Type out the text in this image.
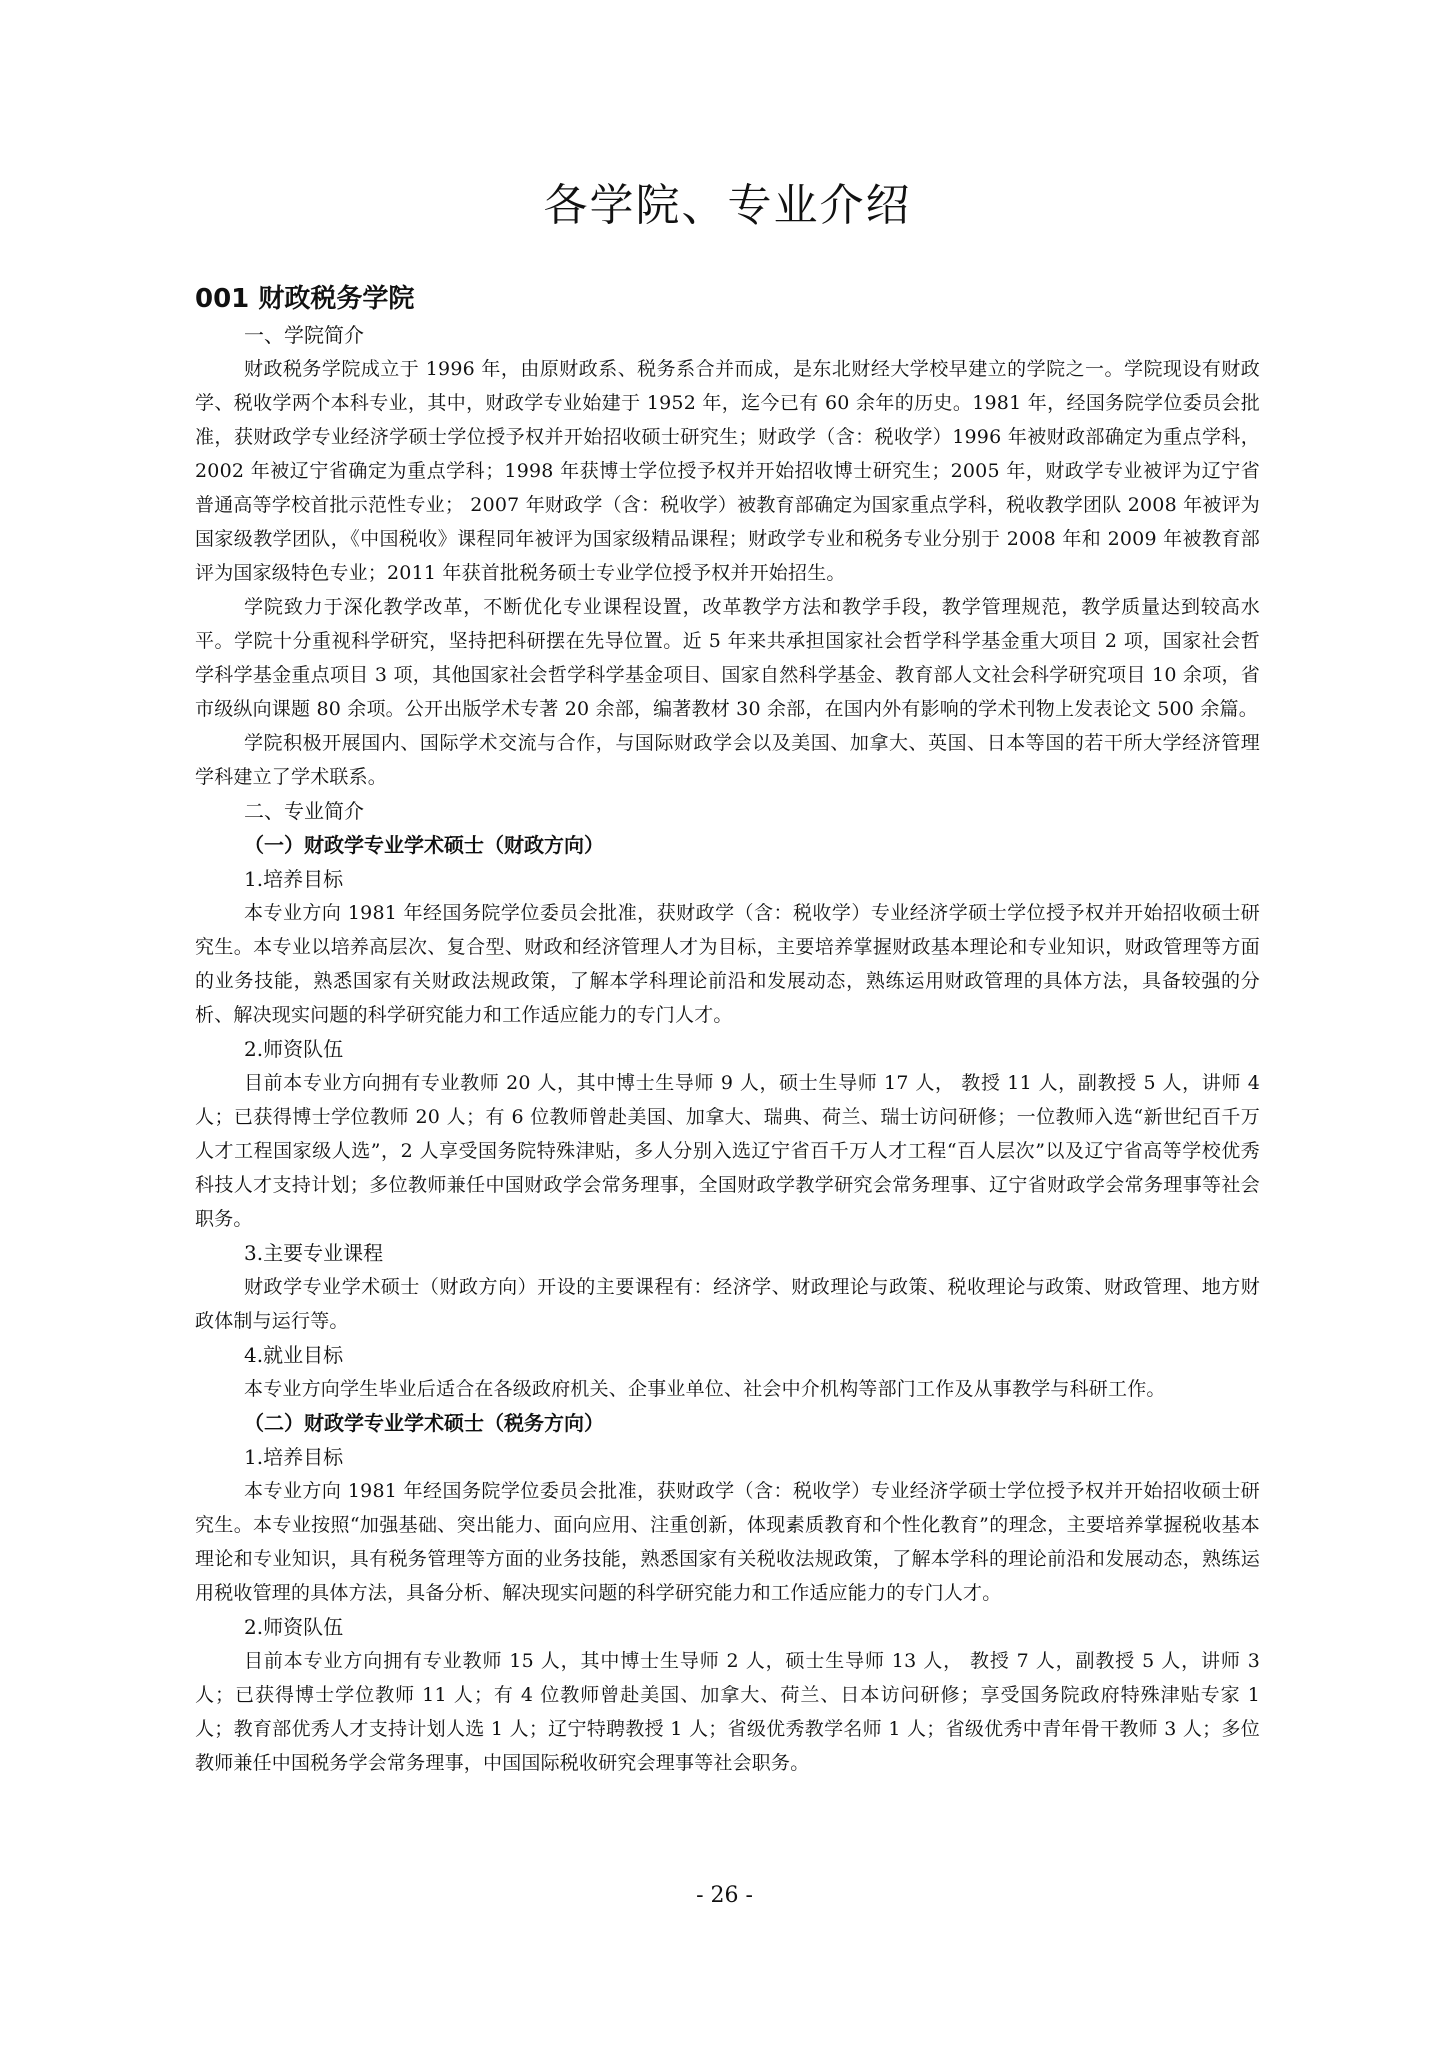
各学院、专业介绍
001 财政税务学院
一、学院简介

财政税务学院成立于 1996 年，由原财政系、税务系合并而成，是东北财经大学校早建立的学院之一。学院现设有财政学、税收学两个本科专业，其中，财政学专业始建于 1952 年，迄今已有 60 余年的历史。1981 年，经国务院学位委员会批准，获财政学专业经济学硕士学位授予权并开始招收硕士研究生；财政学（含：税收学）1996 年被财政部确定为重点学科，2002 年被辽宁省确定为重点学科；1998 年获博士学位授予权并开始招收博士研究生；2005 年，财政学专业被评为辽宁省普通高等学校首批示范性专业； 2007 年财政学（含：税收学）被教育部确定为国家重点学科，税收教学团队 2008 年被评为国家级教学团队，《中国税收》课程同年被评为国家级精品课程；财政学专业和税务专业分别于 2008 年和 2009 年被教育部评为国家级特色专业；2011 年获首批税务硕士专业学位授予权并开始招生。

学院致力于深化教学改革，不断优化专业课程设置，改革教学方法和教学手段，教学管理规范，教学质量达到较高水平。学院十分重视科学研究，坚持把科研摆在先导位置。近 5 年来共承担国家社会哲学科学基金重大项目 2 项，国家社会哲学科学基金重点项目 3 项，其他国家社会哲学科学基金项目、国家自然科学基金、教育部人文社会科学研究项目 10 余项，省市级纵向课题 80 余项。公开出版学术专著 20 余部，编著教材 30 余部，在国内外有影响的学术刊物上发表论文 500 余篇。

学院积极开展国内、国际学术交流与合作，与国际财政学会以及美国、加拿大、英国、日本等国的若干所大学经济管理学科建立了学术联系。

二、专业简介
（一）财政学专业学术硕士（财政方向）
1.培养目标

本专业方向 1981 年经国务院学位委员会批准，获财政学（含：税收学）专业经济学硕士学位授予权并开始招收硕士研究生。本专业以培养高层次、复合型、财政和经济管理人才为目标，主要培养掌握财政基本理论和专业知识，财政管理等方面的业务技能，熟悉国家有关财政法规政策，了解本学科理论前沿和发展动态，熟练运用财政管理的具体方法，具备较强的分析、解决现实问题的科学研究能力和工作适应能力的专门人才。

2.师资队伍

目前本专业方向拥有专业教师 20 人，其中博士生导师 9 人，硕士生导师 17 人， 教授 11 人，副教授 5 人，讲师 4 人；已获得博士学位教师 20 人；有 6 位教师曾赴美国、加拿大、瑞典、荷兰、瑞士访问研修；一位教师入选“新世纪百千万人才工程国家级人选”，2 人享受国务院特殊津贴，多人分别入选辽宁省百千万人才工程“百人层次”以及辽宁省高等学校优秀科技人才支持计划；多位教师兼任中国财政学会常务理事，全国财政学教学研究会常务理事、辽宁省财政学会常务理事等社会职务。

3.主要专业课程

财政学专业学术硕士（财政方向）开设的主要课程有：经济学、财政理论与政策、税收理论与政策、财政管理、地方财政体制与运行等。

4.就业目标

本专业方向学生毕业后适合在各级政府机关、企事业单位、社会中介机构等部门工作及从事教学与科研工作。

（二）财政学专业学术硕士（税务方向）
1.培养目标

本专业方向 1981 年经国务院学位委员会批准，获财政学（含：税收学）专业经济学硕士学位授予权并开始招收硕士研究生。本专业按照“加强基础、突出能力、面向应用、注重创新，体现素质教育和个性化教育”的理念，主要培养掌握税收基本理论和专业知识，具有税务管理等方面的业务技能，熟悉国家有关税收法规政策，了解本学科的理论前沿和发展动态，熟练运用税收管理的具体方法，具备分析、解决现实问题的科学研究能力和工作适应能力的专门人才。

2.师资队伍

目前本专业方向拥有专业教师 15 人，其中博士生导师 2 人，硕士生导师 13 人， 教授 7 人，副教授 5 人，讲师 3 人；已获得博士学位教师 11 人；有 4 位教师曾赴美国、加拿大、荷兰、日本访问研修；享受国务院政府特殊津贴专家 1 人；教育部优秀人才支持计划人选 1 人；辽宁特聘教授 1 人；省级优秀教学名师 1 人；省级优秀中青年骨干教师 3 人；多位教师兼任中国税务学会常务理事，中国国际税收研究会理事等社会职务。

- 26 -
